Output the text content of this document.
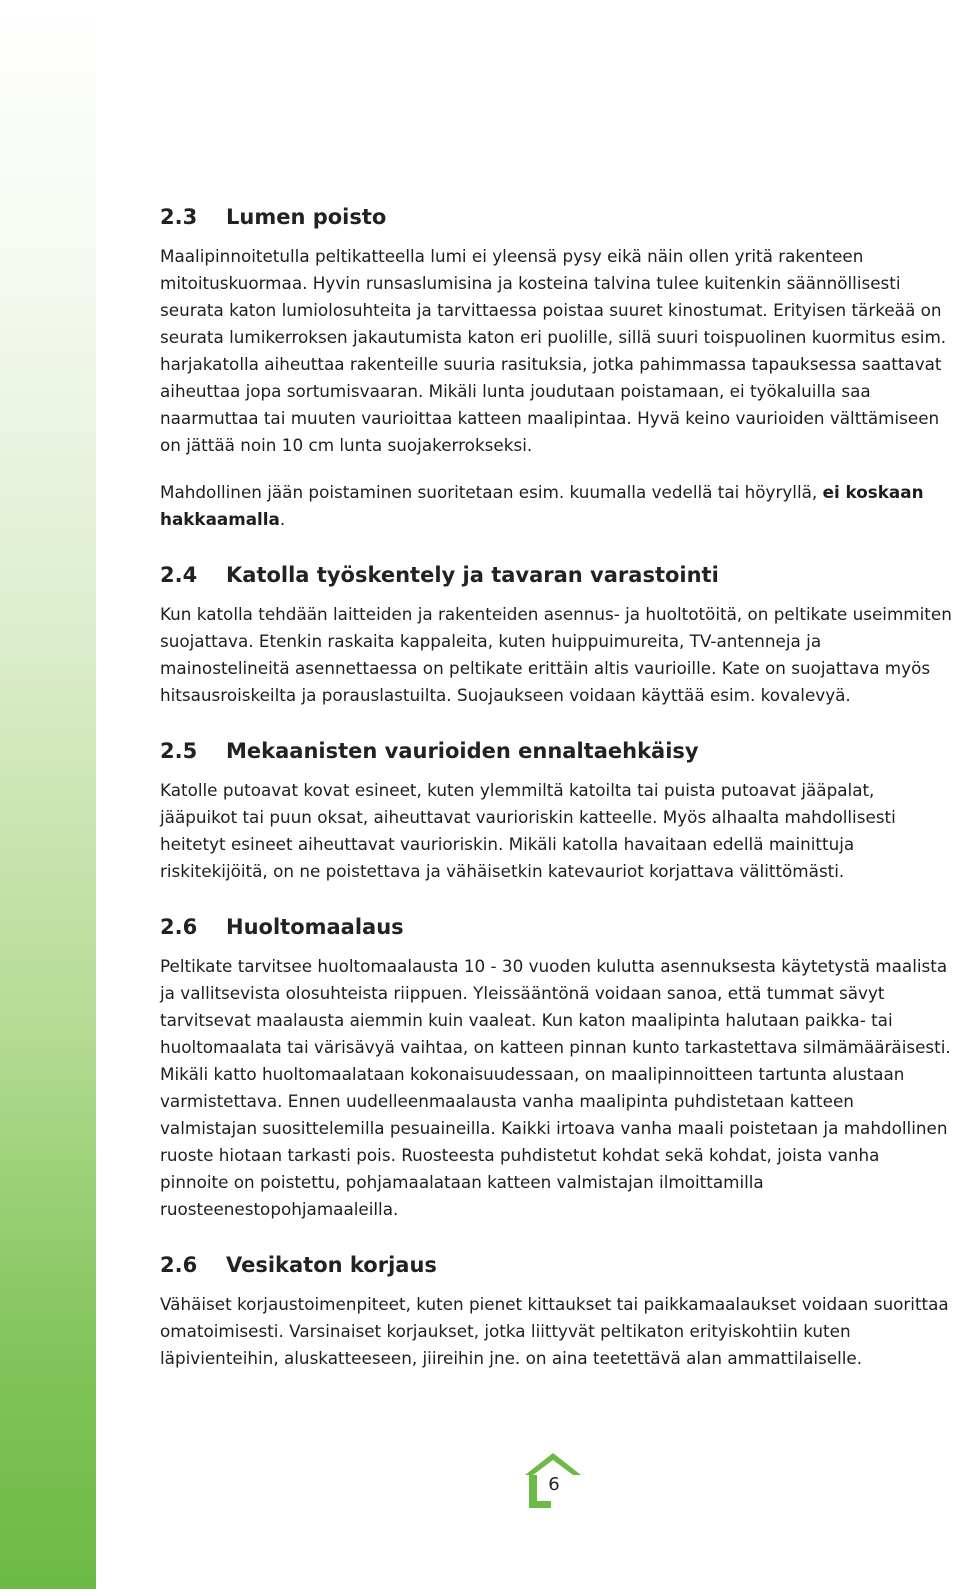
2.3	Lumen poisto

Maalipinnoitetulla peltikatteella lumi ei yleensä pysy eikä näin ollen yritä rakenteen mitoituskuormaa. Hyvin runsaslumisina ja kosteina talvina tulee kuitenkin säännöllisesti seurata katon lumiolosuhteita ja tarvittaessa poistaa suuret kinostumat. Erityisen tärkeää on seurata lumikerroksen jakautumista katon eri puolille, sillä suuri toispuolinen kuormitus esim. harjakatolla aiheuttaa rakenteille suuria rasituksia, jotka pahimmassa tapauksessa saattavat aiheuttaa jopa sortumisvaaran. Mikäli lunta joudutaan poistamaan, ei työkaluilla saa naarmuttaa tai muuten vaurioittaa katteen maalipintaa. Hyvä keino vaurioiden välttämiseen on jättää noin 10 cm lunta suojakerrokseksi.

Mahdollinen jään poistaminen suoritetaan esim. kuumalla vedellä tai höyryllä, ei koskaan hakkaamalla.

2.4	Katolla työskentely ja tavaran varastointi

Kun katolla tehdään laitteiden ja rakenteiden asennus- ja huoltotöitä, on peltikate useimmiten suojattava. Etenkin raskaita kappaleita, kuten huippuimureita, TV-antenneja ja mainostelineitä asennettaessa on peltikate erittäin altis vaurioille. Kate on suojattava myös hitsausroiskeilta ja porauslastuilta. Suojaukseen voidaan käyttää esim. kovalevyä.

2.5	Mekaanisten vaurioiden ennaltaehkäisy

Katolle putoavat kovat esineet, kuten ylemmiltä katoilta tai puista putoavat jääpalat, jääpuikot tai puun oksat, aiheuttavat vaurioriskin katteelle. Myös alhaalta mahdollisesti heitetyt esineet aiheuttavat vaurioriskin. Mikäli katolla havaitaan edellä mainittuja riskitekijöitä, on ne poistettava ja vähäisetkin katevauriot korjattava välittömästi.

2.6	Huoltomaalaus

Peltikate tarvitsee huoltomaalausta 10 - 30 vuoden kulutta asennuksesta käytetystä maalista ja vallitsevista olosuhteista riippuen. Yleissääntönä voidaan sanoa, että tummat sävyt tarvitsevat maalausta aiemmin kuin vaaleat. Kun katon maalipinta halutaan paikka- tai huoltomaalata tai värisävyä vaihtaa, on katteen pinnan kunto tarkastettava silmämääräisesti. Mikäli katto huoltomaalataan kokonaisuudessaan, on maalipinnoitteen tartunta alustaan varmistettava. Ennen uudelleenmaalausta vanha maalipinta puhdistetaan katteen valmistajan suosittelemilla pesuaineilla. Kaikki irtoava vanha maali poistetaan ja mahdollinen ruoste hiotaan tarkasti pois. Ruosteesta puhdistetut kohdat sekä kohdat, joista vanha pinnoite on poistettu, pohjamaalataan katteen valmistajan ilmoittamilla ruosteenestopohjamaaleilla.

2.6	Vesikaton korjaus

Vähäiset korjaustoimenpiteet, kuten pienet kittaukset tai paikkamaalaukset voidaan suorittaa omatoimisesti. Varsinaiset korjaukset, jotka liittyvät peltikaton erityiskohtiin kuten läpivienteihin, aluskatteeseen, jiireihin jne. on aina teetettävä alan ammattilaiselle.

6
